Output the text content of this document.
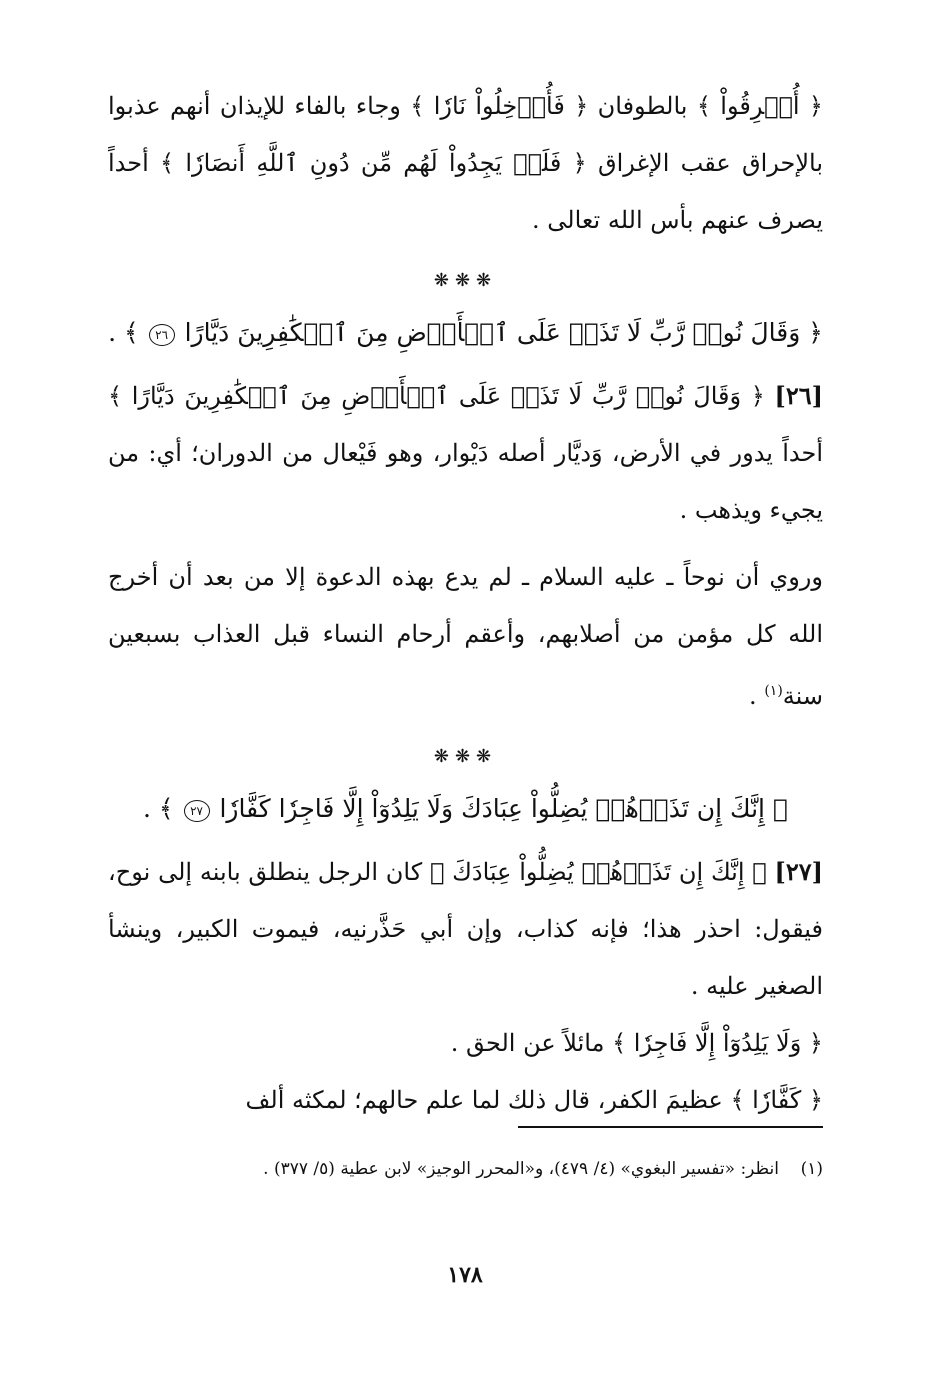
﴿ أُغۡرِقُواْ ﴾ بالطوفان ﴿ فَأُدۡخِلُواْ نَارٗا ﴾ وجاء بالفاء للإيذان أنهم عذبوا بالإحراق عقب الإغراق ﴿ فَلَمۡ يَجِدُواْ لَهُم مِّن دُونِ ٱللَّهِ أَنصَارٗا ﴾ أحداً يصرف عنهم بأس الله تعالى .

❋❋❋
﴿ وَقَالَ نُوحٞ رَّبِّ لَا تَذَرۡ عَلَى ٱلۡأَرۡضِ مِنَ ٱلۡكَٰفِرِينَ دَيَّارًا ٢٦ ﴾ .

[٢٦] ﴿ وَقَالَ نُوحٞ رَّبِّ لَا تَذَرۡ عَلَى ٱلۡأَرۡضِ مِنَ ٱلۡكَٰفِرِينَ دَيَّارًا ﴾ أحداً يدور في الأرض، وَديَّار أصله دَيْوار، وهو فَيْعال من الدوران؛ أي: من يجيء ويذهب .

وروي أن نوحاً ـ عليه السلام ـ لم يدع بهذه الدعوة إلا من بعد أن أخرج الله كل مؤمن من أصلابهم، وأعقم أرحام النساء قبل العذاب بسبعين سنة$^{(١)}$ .

❋❋❋
﴿ إِنَّكَ إِن تَذَرۡهُمۡ يُضِلُّواْ عِبَادَكَ وَلَا يَلِدُوٓاْ إِلَّا فَاجِرٗا كَفَّارٗا ٢٧ ﴾ .

[٢٧] ﴿ إِنَّكَ إِن تَذَرۡهُمۡ يُضِلُّواْ عِبَادَكَ ﴾ كان الرجل ينطلق بابنه إلى نوح، فيقول: احذر هذا؛ فإنه كذاب، وإن أبي حَذَّرنيه، فيموت الكبير، وينشأ الصغير عليه .

﴿ وَلَا يَلِدُوٓاْ إِلَّا فَاجِرٗا ﴾ مائلاً عن الحق .

﴿ كَفَّارٗا ﴾ عظيمَ الكفر، قال ذلك لما علم حالهم؛ لمكثه ألف

(١)    انظر: «تفسير البغوي» (٤/ ٤٧٩)، و«المحرر الوجيز» لابن عطية (٥/ ٣٧٧) .
١٧٨
